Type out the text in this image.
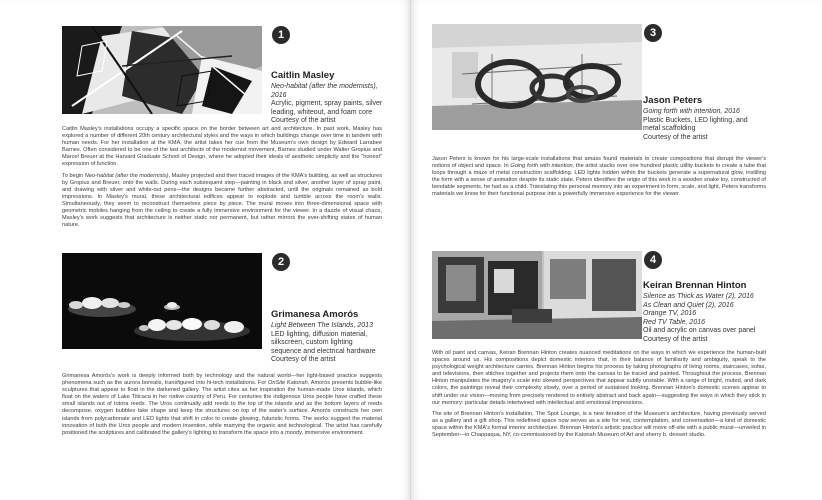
1
Caitlin Masley
Neo-habitat (after the modernists), 2016
Acrylic, pigment, spray paints, silver leading, whiteout, and foam core
Courtesy of the artist

Caitlin Masley's installations occupy a specific space on the border between art and architecture. In past work, Masley has explored a number of different 20th century architectural styles and the ways in which buildings change over time in tandem with human needs. For her installation at the KMA, the artist takes her cue from the Museum's own design by Edward Larrabee Barnes. Often considered to be one of the last architects of the modernist movement, Barnes studied under Walter Gropius and Marcel Breuer at the Harvard Graduate School of Design, where he adopted their ideals of aesthetic simplicity and the "honest" expression of function.

To begin Neo-habitat (after the modernists), Masley projected and then traced images of the KMA's building, as well as structures by Gropius and Breuer, onto the walls. During each subsequent step—painting in black and silver, another layer of spray paint, and drawing with silver and white-out pens—the designs became further abstracted, until the originals remained as bold impressions. In Masley's mural, these architectural edifices appear to explode and tumble across the room's walls. Simultaneously, they seem to reconstruct themselves piece by piece. The mural moves into three-dimensional space with geometric mobiles hanging from the ceiling to create a fully immersive environment for the viewer. In a dazzle of visual chaos, Masley's work suggests that architecture is neither static nor permanent, but rather mirrors the ever-shifting states of human nature.

2
Grimanesa Amorós
Light Between The Islands, 2013
LED lighting, diffusion material, silkscreen, custom lighting sequence and electrical hardware
Courtesy of the artist

Grimanesa Amorós's work is deeply informed both by technology and the natural world—her light-based practice suggests phenomena such as the aurora borealis, transfigured into hi-tech installations. For OnSite Katonah, Amorós presents bubble-like sculptures that appear to float in the darkened gallery. The artist cites as her inspiration the human-made Uros islands, which float on the waters of Lake Titicaca in her native country of Peru. For centuries the indigenous Uros people have crafted these small islands out of totora reeds. The Uros continually add reeds to the top of the islands and as the bottom layers of reeds decompose, oxygen bubbles take shape and keep the structures on top of the water's surface. Amorós constructs her own islands from polycarbonate and LED lights that shift in color to create glowing, futuristic forms. The works suggest the material innovation of both the Uros people and modern invention, while marrying the organic and technological. The artist has carefully positioned the sculptures and calibrated the gallery's lighting to transform the space into a moody, immersive environment.

3
Jason Peters
Going forth with intention, 2016
Plastic Buckets, LED lighting, and metal scaffolding
Courtesy of the artist

Jason Peters is known for his large-scale installations that amass found materials to create compositions that disrupt the viewer's notions of object and space. In Going forth with intention, the artist stacks over one hundred plastic utility buckets to create a tube that loops through a maze of metal construction scaffolding. LED lights hidden within the buckets generate a supernatural glow, instilling the form with a sense of animation despite its static state. Peters identifies the origin of this work in a wooden snake toy, constructed of bendable segments, he had as a child. Translating this personal memory into an experiment in form, scale, and light, Peters transforms materials we know for their functional purpose into a powerfully immersive experience for the viewer.

4
Keiran Brennan Hinton
Silence as Thick as Water (2), 2016
As Clean and Quiet (2), 2016
Orange TV, 2016
Red TV Table, 2016
Oil and acrylic on canvas over panel
Courtesy of the artist

With oil paint and canvas, Keiran Brennan Hinton creates nuanced meditations on the ways in which we experience the human-built spaces around us. His compositions depict domestic interiors that, in their balance of familiarity and ambiguity, speak to the psychological weight architecture carries. Brennan Hinton begins his process by taking photographs of living rooms, staircases, sofas, and televisions, then stitches together and projects them onto the canvas to be traced and painted. Throughout the process, Brennan Hinton manipulates the imagery's scale into skewed perspectives that appear subtly unstable. With a range of bright, muted, and dark colors, the paintings reveal their complexity slowly, over a period of sustained looking. Brennan Hinton's domestic scenes appear to shift under our vision—moving from precisely rendered to entirely abstract and back again—suggesting the ways in which they stick in our memory: particular details intertwined with intellectual and emotional impressions.

The site of Brennan Hinton's installation, The Spot Lounge, is a new iteration of the Museum's architecture, having previously served as a gallery and a gift shop. This redefined space now serves as a site for rest, contemplation, and conversation—a kind of domestic space within the KMA's formal interior architecture. Brennan Hinton's artistic practice will move off-site with a public mural—unveiled in September—in Chappaqua, NY, co-commissioned by the Katonah Museum of Art and sherry b. dessert studio.
